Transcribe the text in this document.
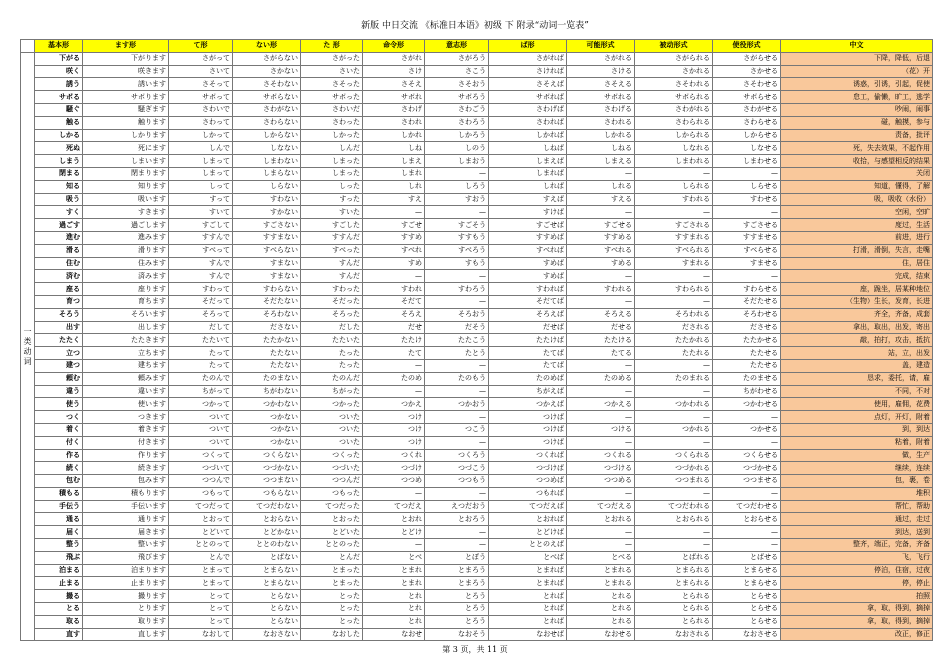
新版 中日交流 《标准日本语》初级 下 附录“动词一览表”
	基本形	ます形	て形	ない形	た 形	命令形	意志形	ば形	可能形式	被动形式	使役形式	中文
一类动词	下がる	下がります	さがって	さがらない	さがった	さがれ	さがろう	さがれば	さがれる	さがられる	さがらせる	下降，降低，后退
	咲く	咲きます	さいて	さかない	さいた	さけ	さこう	さければ	さける	さかれる	さかせる	（花）开
	誘う	誘います	さそって	さそわない	さそった	さそえ	さそおう	さそえば	さそえる	さそわれる	さそわせる	诱惑，引诱，引起，促使
	サボる	サボります	サボって	サボらない	サボった	サボれ	サボろう	サボれば	サボれる	サボられる	サボらせる	怠工，偷懒，旷工，逃学
	騒ぐ	騒ぎます	さわいで	さわがない	さわいだ	さわげ	さわごう	さわげば	さわげる	さわがれる	さわがせる	吵闹，闹事
	触る	触ります	さわって	さわらない	さわった	さわれ	さわろう	さわれば	さわれる	さわられる	さわらせる	碰，触摸，参与
	しかる	しかります	しかって	しからない	しかった	しかれ	しかろう	しかれば	しかれる	しかられる	しからせる	责备，批评
	死ぬ	死にます	しんで	しなない	しんだ	しね	しのう	しねば	しねる	しなれる	しなせる	死，失去效果，不起作用
	しまう	しまいます	しまって	しまわない	しまった	しまえ	しまおう	しまえば	しまえる	しまわれる	しまわせる	收拾，与感望相反的结果
	閉まる	閉まります	しまって	しまらない	しまった	しまれ	—	しまれば	—	—	—	关闭
	知る	知ります	しって	しらない	しった	しれ	しろう	しれば	しれる	しられる	しらせる	知道，懂得，了解
	吸う	吸います	すって	すわない	すった	すえ	すおう	すえば	すえる	すわれる	すわせる	吸，吸收（水份）
	すく	すきます	すいて	すかない	すいた	—	—	すけば	—	—	—	空闲，空旷
	過ごす	過ごします	すごして	すごさない	すごした	すごせ	すごそう	すごせば	すごせる	すごされる	すごさせる	度过，生活
	進む	進みます	すすんで	すすまない	すすんだ	すすめ	すすもう	すすめば	すすめる	すすまれる	すすませる	前进，进行
	滑る	滑ります	すべって	すべらない	すべった	すべれ	すべろう	すべれば	すべれる	すべられる	すべらせる	打滑，滑倒，失言，走嘴
	住む	住みます	すんで	すまない	すんだ	すめ	すもう	すめば	すめる	すまれる	すませる	住，居住
	済む	済みます	すんで	すまない	すんだ	—	—	すめば	—	—	—	完成，结束
	座る	座ります	すわって	すわらない	すわった	すわれ	すわろう	すわれば	すわれる	すわられる	すわらせる	座，跪坐，居某种地位
	育つ	育ちます	そだって	そだたない	そだった	そだて	—	そだてば	—	—	そだたせる	（生物）生长，发育，长进
	そろう	そろいます	そろって	そろわない	そろった	そろえ	そろおう	そろえば	そろえる	そろわれる	そろわせる	齐全，齐备，成套
	出す	出します	だして	ださない	だした	だせ	だそう	だせば	だせる	だされる	ださせる	拿出，取出，出发，寄出
	たたく	たたきます	たたいて	たたかない	たたいた	たたけ	たたこう	たたけば	たたける	たたかれる	たたかせる	敲，拍打，攻击，抵抗
	立つ	立ちます	たって	たたない	たった	たて	たとう	たてば	たてる	たたれる	たたせる	站，立，出发
	建つ	建ちます	たって	たたない	たった	—	—	たてば	—	—	たたせる	盖，建造
	頼む	頼みます	たのんで	たのまない	たのんだ	たのめ	たのもう	たのめば	たのめる	たのまれる	たのませる	恳求，委托，请，雇
	違う	違います	ちがって	ちがわない	ちがった	—	—	ちがえば	—	—	ちがわせる	不同，不对
	使う	使います	つかって	つかわない	つかった	つかえ	つかおう	つかえば	つかえる	つかわれる	つかわせる	使用，雇佣，花费
	つく	つきます	ついて	つかない	ついた	つけ	—	つけば	—	—	—	点灯，开灯，附着
	着く	着きます	ついて	つかない	ついた	つけ	つこう	つけば	つける	つかれる	つかせる	到，到达
	付く	付きます	ついて	つかない	ついた	つけ	—	つけば	—	—	—	粘着，附着
	作る	作ります	つくって	つくらない	つくった	つくれ	つくろう	つくれば	つくれる	つくられる	つくらせる	做，生产
	続く	続きます	つづいて	つづかない	つづいた	つづけ	つづこう	つづけば	つづける	つづかれる	つづかせる	继续，连续
	包む	包みます	つつんで	つつまない	つつんだ	つつめ	つつもう	つつめば	つつめる	つつまれる	つつませる	包，裹，卷
	積もる	積もります	つもって	つもらない	つもった	—	—	つもれば	—	—	—	堆积
	手伝う	手伝います	てつだって	てつだわない	てつだった	てつだえ	えつだおう	てつだえば	てつだえる	てつだわれる	てつだわせる	帮忙，帮助
	通る	通ります	とおって	とおらない	とおった	とおれ	とおろう	とおれば	とおれる	とおられる	とおらせる	通过，走过
	届く	届きます	とどいて	とどかない	とどいた	とどけ	—	とどけば	—	—	—	到达，送到
	整う	整います	ととのって	ととのわない	ととのった	—	—	ととのえば	—	—	—	整齐，端正，完备，齐备
	飛ぶ	飛びます	とんで	とばない	とんだ	とべ	とぼう	とべば	とべる	とばれる	とばせる	飞，飞行
	泊まる	泊まります	とまって	とまらない	とまった	とまれ	とまろう	とまれば	とまれる	とまられる	とまらせる	停泊，住宿，过夜
	止まる	止まります	とまって	とまらない	とまった	とまれ	とまろう	とまれば	とまれる	とまられる	とまらせる	停，停止
	撮る	撮ります	とって	とらない	とった	とれ	とろう	とれば	とれる	とられる	とらせる	拍照
	とる	とります	とって	とらない	とった	とれ	とろう	とれば	とれる	とられる	とらせる	拿，取，得到，摘掉
	取る	取ります	とって	とらない	とった	とれ	とろう	とれば	とれる	とられる	とらせる	拿，取，得到，摘掉
	直す	直します	なおして	なおさない	なおした	なおせ	なおそう	なおせば	なおせる	なおされる	なおさせる	改正，修正
第 3 页，共 11 页
